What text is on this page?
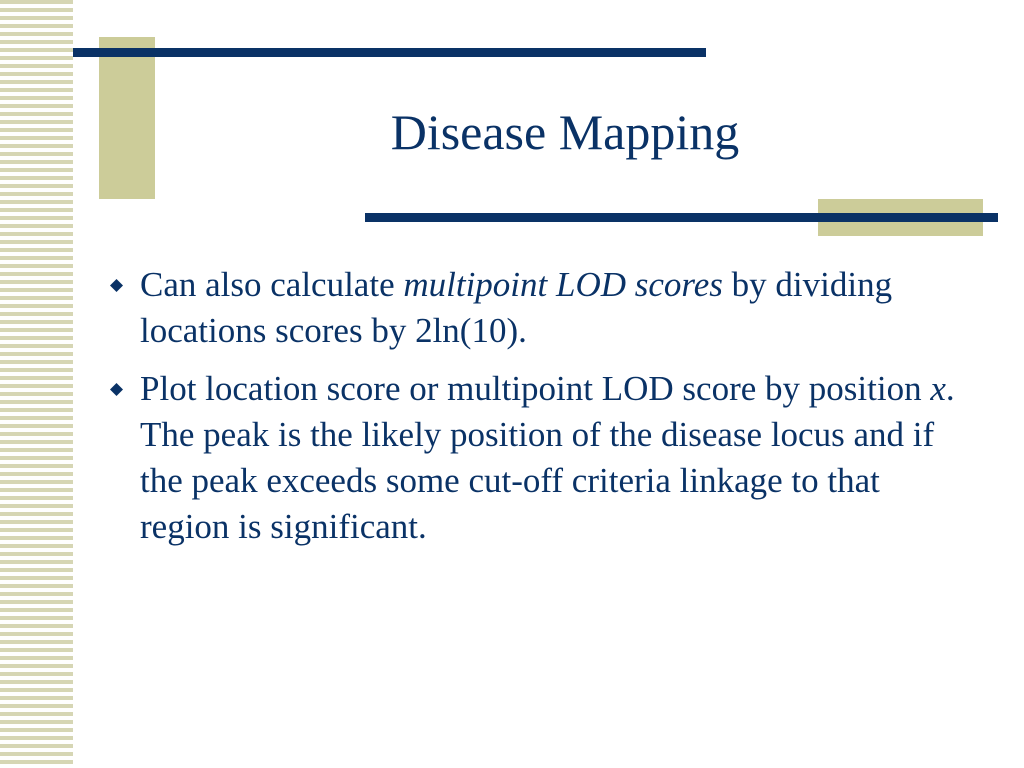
Disease Mapping
Can also calculate multipoint LOD scores by dividing locations scores by 2ln(10).
Plot location score or multipoint LOD score by position x. The peak is the likely position of the disease locus and if the peak exceeds some cut-off criteria linkage to that region is significant.
